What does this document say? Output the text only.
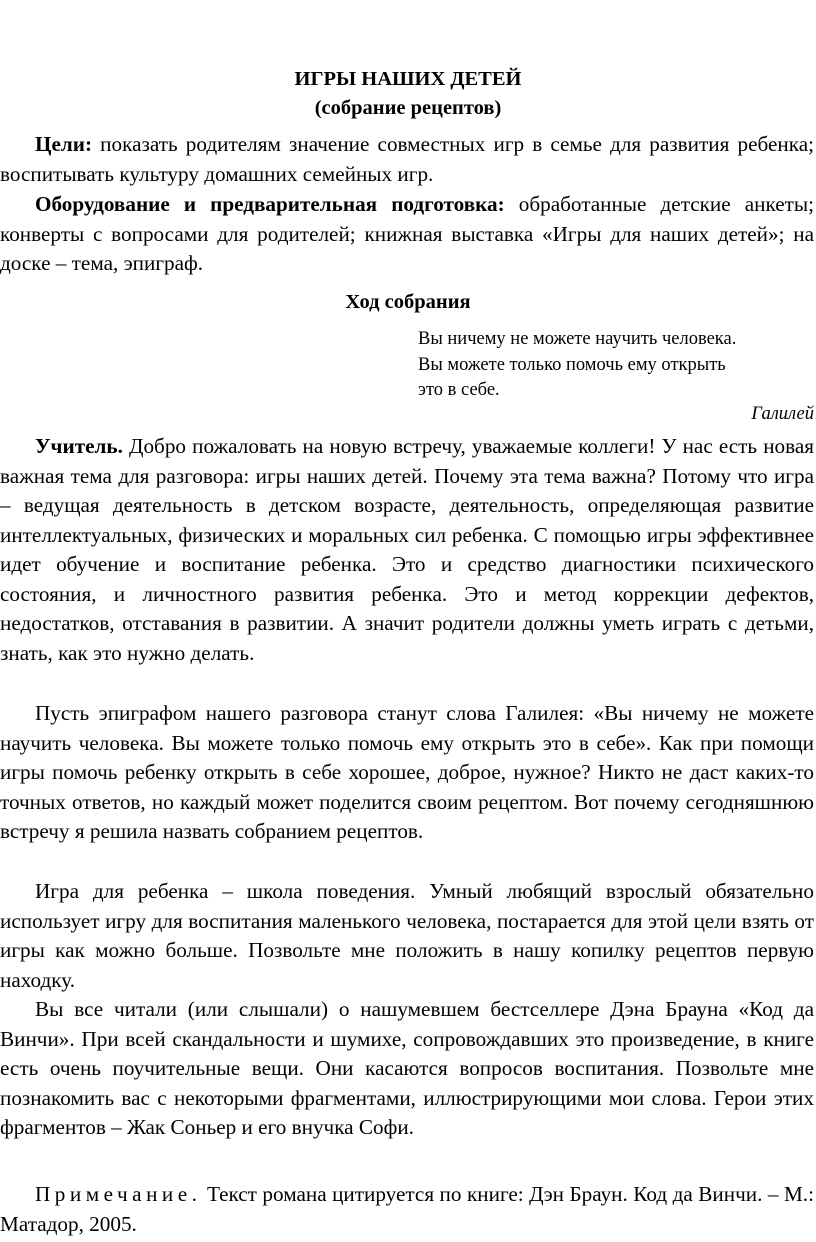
ИГРЫ НАШИХ ДЕТЕЙ
(собрание рецептов)

Цели: показать родителям значение совместных игр в семье для развития ребенка; воспитывать культуру домашних семейных игр.

Оборудование и предварительная подготовка: обработанные детские анкеты; конверты с вопросами для родителей; книжная выставка «Игры для наших детей»; на доске – тема, эпиграф.

Ход собрания
Вы ничему не можете научить человека.
Вы можете только помочь ему открыть
это в себе.
Галилей

Учитель. Добро пожаловать на новую встречу, уважаемые коллеги! У нас есть новая важная тема для разговора: игры наших детей. Почему эта тема важна? Потому что игра – ведущая деятельность в детском возрасте, деятельность, определяющая развитие интеллектуальных, физических и моральных сил ребенка. С помощью игры эффективнее идет обучение и воспитание ребенка. Это и средство диагностики психического состояния, и личностного развития ребенка. Это и метод коррекции дефектов, недостатков, отставания в развитии. А значит родители должны уметь играть с детьми, знать, как это нужно делать.

Пусть эпиграфом нашего разговора станут слова Галилея: «Вы ничему не можете научить человека. Вы можете только помочь ему открыть это в себе». Как при помощи игры помочь ребенку открыть в себе хорошее, доброе, нужное? Никто не даст каких-то точных ответов, но каждый может поделится своим рецептом. Вот почему сегодняшнюю встречу я решила назвать собранием рецептов.

Игра для ребенка – школа поведения. Умный любящий взрослый обязательно использует игру для воспитания маленького человека, постарается для этой цели взять от игры как можно больше. Позвольте мне положить в нашу копилку рецептов первую находку.

Вы все читали (или слышали) о нашумевшем бестселлере Дэна Брауна «Код да Винчи». При всей скандальности и шумихе, сопровождавших это произведение, в книге есть очень поучительные вещи. Они касаются вопросов воспитания. Позвольте мне познакомить вас с некоторыми фрагментами, иллюстрирующими мои слова. Герои этих фрагментов – Жак Соньер и его внучка Софи.

Примечание. Текст романа цитируется по книге: Дэн Браун. Код да Винчи. – М.: Матадор, 2005.
